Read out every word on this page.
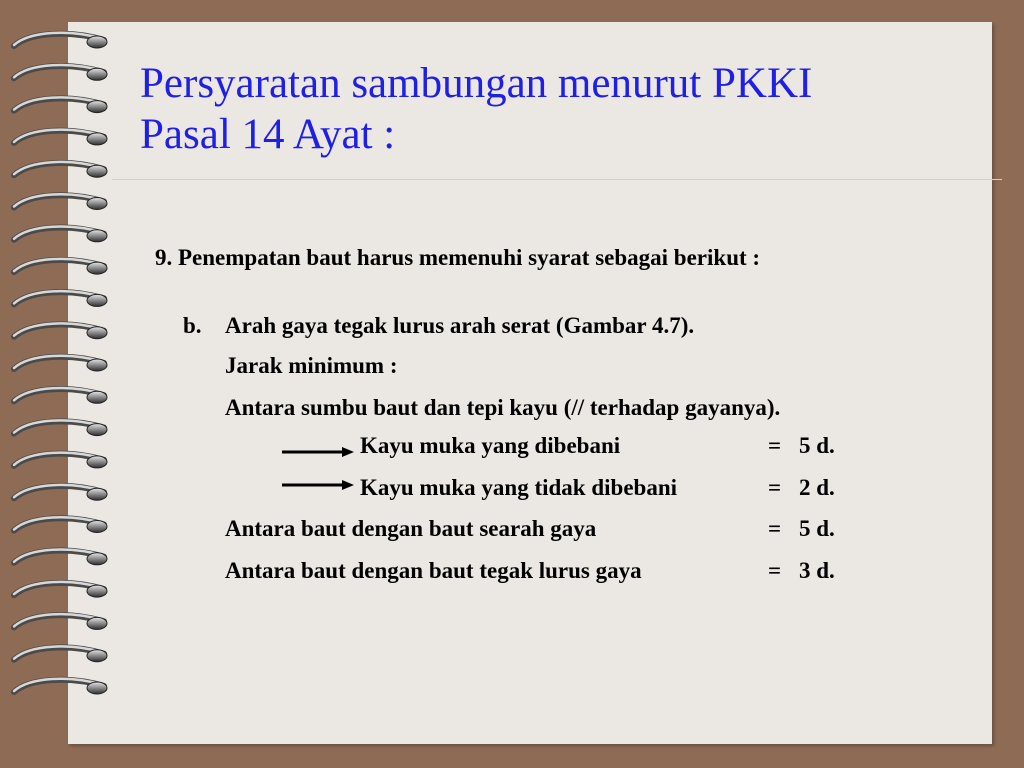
Persyaratan sambungan menurut PKKI
Pasal 14 Ayat :
9. Penempatan baut harus memenuhi syarat sebagai berikut :
b. Arah gaya tegak lurus arah serat (Gambar 4.7).
Jarak minimum :
Antara sumbu baut dan tepi kayu (// terhadap gayanya).
Kayu muka yang dibebani	= 5 d.
Kayu muka yang tidak dibebani	= 2 d.
Antara baut dengan baut searah gaya	= 5 d.
Antara baut dengan baut tegak lurus gaya	= 3 d.
